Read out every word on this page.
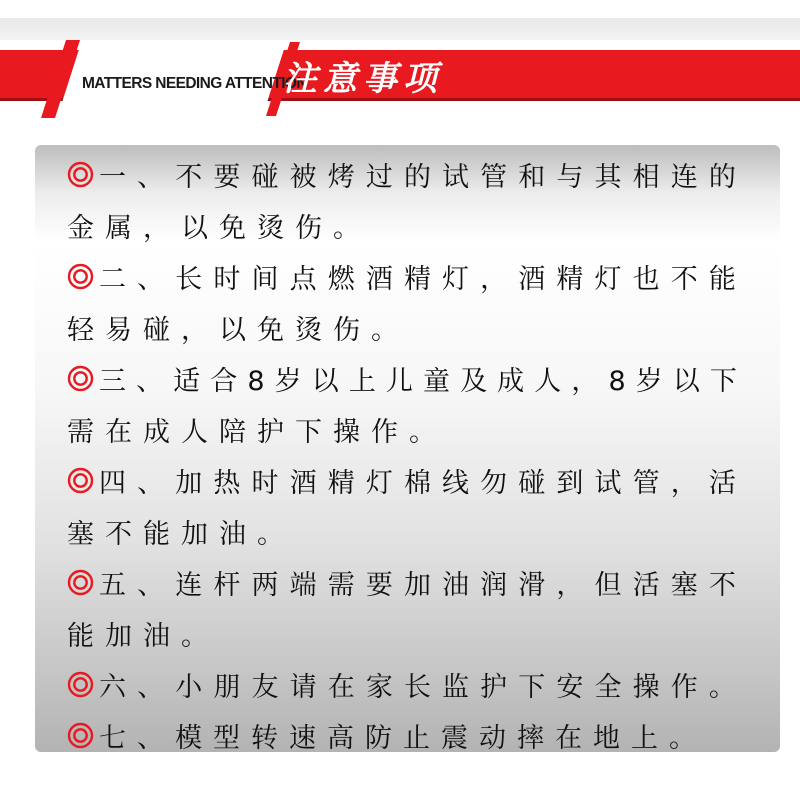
MATTERS NEEDING ATTENTION
注意事项
一、不要碰被烤过的试管和与其相连的
金属，以免烫伤。
二、长时间点燃酒精灯，酒精灯也不能
轻易碰，以免烫伤。
三、适合8岁以上儿童及成人，8岁以下
需在成人陪护下操作。
四、加热时酒精灯棉线勿碰到试管，活
塞不能加油。
五、连杆两端需要加油润滑，但活塞不
能加油。
六、小朋友请在家长监护下安全操作。
七、模型转速高防止震动摔在地上。
